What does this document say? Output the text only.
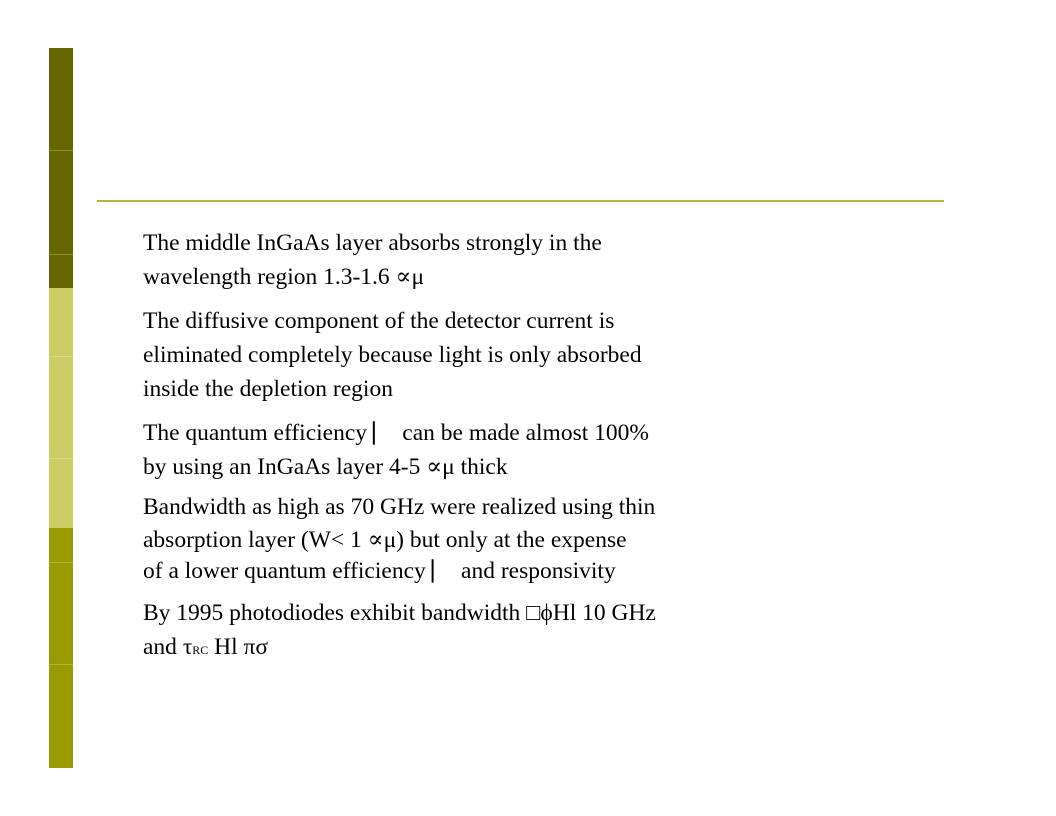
The middle InGaAs layer absorbs strongly in the
wavelength region 1.3-1.6 ∝μ
The diffusive component of the detector current is
eliminated completely because light is only absorbed
inside the depletion region
The quantum efficiency ⎸ can be made almost 100%
by using an InGaAs layer 4-5 ∝μ thick
Bandwidth as high as 70 GHz were realized using thin
absorption layer (W< 1 ∝μ) but only at the expense
of a lower quantum efficiency ⎸ and responsivity
By 1995 photodiodes exhibit bandwidth □ϕHl 10 GHz
and τRC Hl πσ
